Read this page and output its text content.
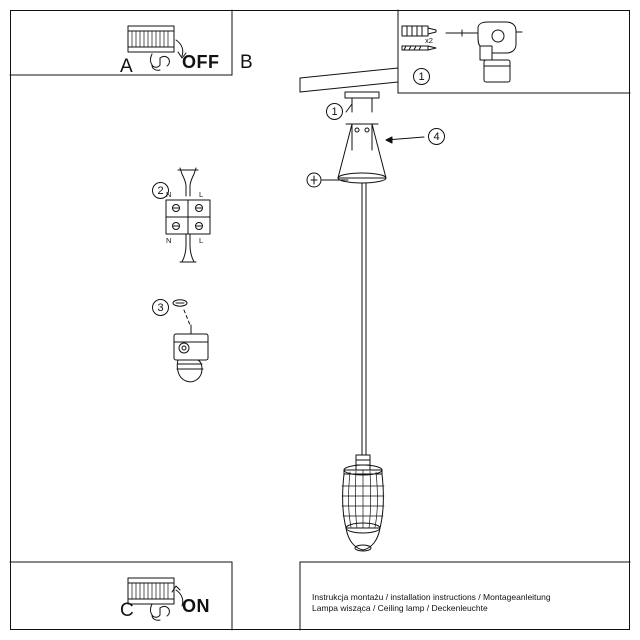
A	OFF B
C	ON
1
1
4
2
3
x2
N	L
N	L
Instrukcja montażu / installation instructions / Montageanleitung
Lampa wisząca / Ceiling lamp / Deckenleuchte
